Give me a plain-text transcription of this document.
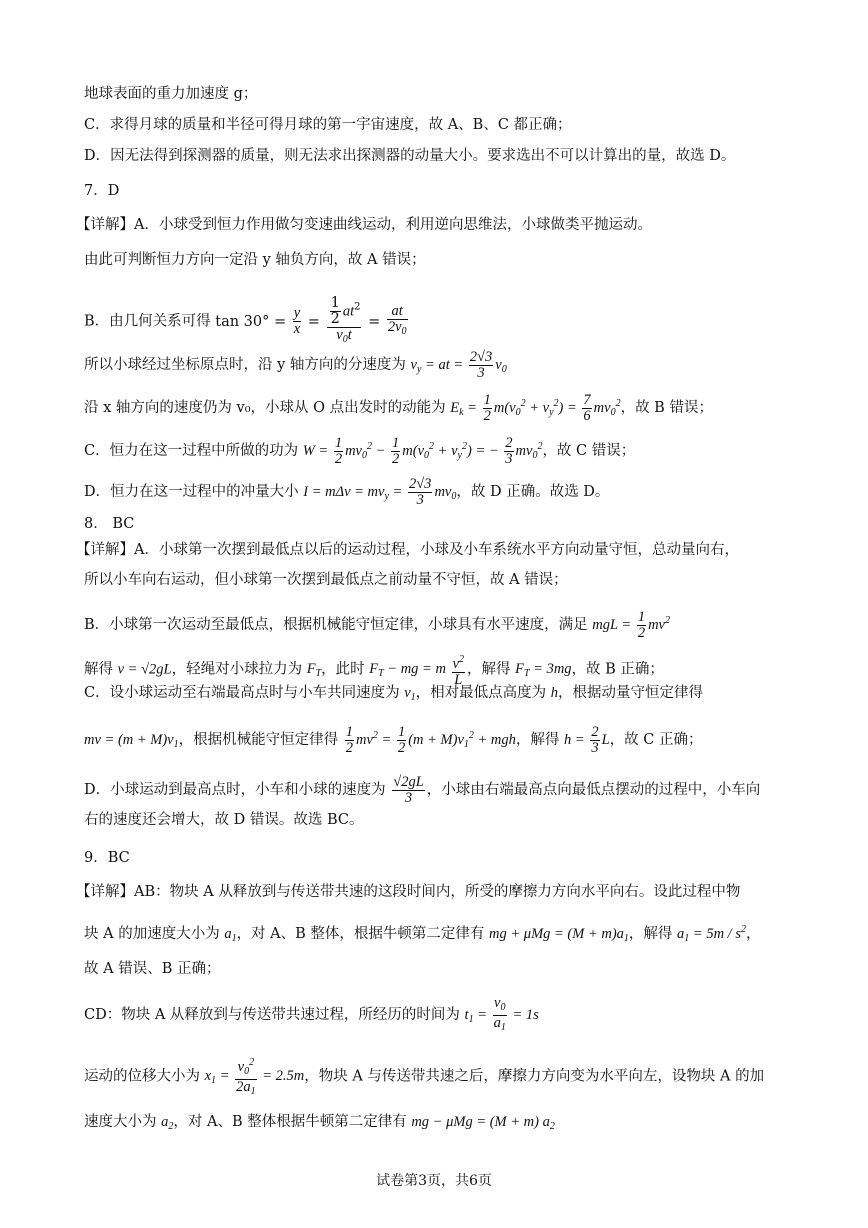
地球表面的重力加速度 g；
C．求得月球的质量和半径可得月球的第一宇宙速度，故 A、B、C 都正确；
D．因无法得到探测器的质量，则无法求出探测器的动量大小。要求选出不可以计算出的量，故选 D。
7．D
【详解】A．小球受到恒力作用做匀变速曲线运动，利用逆向思维法，小球做类平抛运动。
由此可判断恒力方向一定沿 y 轴负方向，故 A 错误；
B．由几何关系可得 $\tan 30^\circ = \frac{y}{x} = \frac{\frac{1}{2} at^2}{v_0t} = \frac{at}{2v_0}$
所以小球经过坐标原点时，沿 y 轴方向的分速度为 $v_y$ = at = $\frac{2√3}{3} v_0$
沿 x 轴方向的速度仍为 v₀，小球从 O 点出发时的动能为 $E_k = \frac{1}{2} m(v_0^2 + v_y^2) = \frac{7}{6} mv_0^2$，故 B 错误；
C．恒力在这一过程中所做的功为 $W = \frac{1}{2} mv_0^2 - \frac{1}{2} m(v_0^2 + v_y^2)$ = − $\frac{2}{3} mv_0^2$，故 C 错误；
D．恒力在这一过程中的冲量大小 $I = m\Delta v = mv_y = \frac{2√3}{3} mv_0$，故 D 正确。故选 D。
8． BC
【详解】A．小球第一次摆到最低点以后的运动过程，小球及小车系统水平方向动量守恒，总动量向右，
所以小车向右运动，但小球第一次摆到最低点之前动量不守恒，故 A 错误；
B．小球第一次运动至最低点，根据机械能守恒定律，小球具有水平速度，满足 mgL = $\frac{1}{2} mv^2$
解得 v = √2gL，轻绳对小球拉力为 $F_T$，此时 $F_T$ − mg = m $\frac{v^2}{L}$ ，解得 $F_T = 3mg$，故 B 正确；
C．设小球运动至右端最高点时与小车共同速度为 $v_1$，相对最低点高度为 h，根据动量守恒定律得
mv = $(m + M)v_1$，根据机械能守恒定律得 $\frac{1}{2} mv^2 = \frac{1}{2} (m + M)v_1^2$ + mgh，解得 $h = \frac{2}{3}$ L，故 C 正确；
D．小球运动到最高点时，小车和小球的速度为 $\frac{√2gL}{3}$ ，小球由右端最高点向最低点摆动的过程中，小车向
右的速度还会增大，故 D 错误。故选 BC。
9．BC
【详解】AB：物块 A 从释放到与传送带共速的这段时间内，所受的摩擦力方向水平向右。设此过程中物
块 A 的加速度大小为 $a_1$，对 A、B 整体，根据牛顿第二定律有 mg + $\mu Mg = (M + m)a_1$，解得 $a_1 = 5m / s^2$，
故 A 错误、B 正确；
CD：物块 A 从释放到与传送带共速过程，所经历的时间为 $t_1 = \frac{v_0}{a_1} = 1s$
运动的位移大小为 $x_1 = \frac{v_0^2}{2a_1} = 2.5m$，物块 A 与传送带共速之后，摩擦力方向变为水平向左，设物块 A 的加
速度大小为 $a_2$，对 A、B 整体根据牛顿第二定律有 mg − μMg = (M + m) $a_2$
试卷第3页，共6页
